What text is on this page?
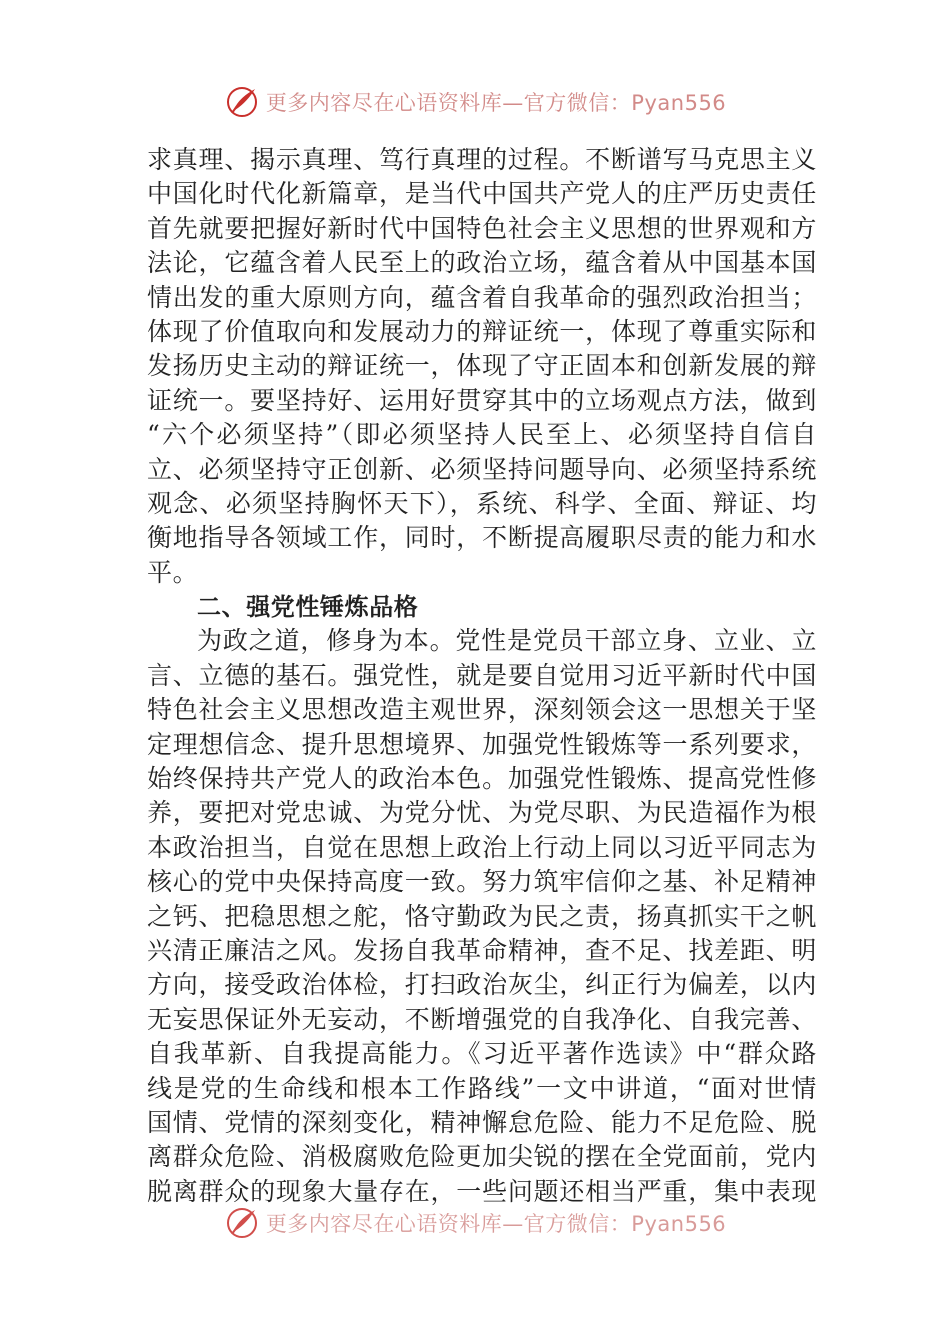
更多内容尽在心语资料库—官方微信：Pyan556
求真理、揭示真理、笃行真理的过程。不断谱写马克思主义
中国化时代化新篇章，是当代中国共产党人的庄严历史责任
首先就要把握好新时代中国特色社会主义思想的世界观和方
法论，它蕴含着人民至上的政治立场，蕴含着从中国基本国
情出发的重大原则方向，蕴含着自我革命的强烈政治担当；
体现了价值取向和发展动力的辩证统一，体现了尊重实际和
发扬历史主动的辩证统一，体现了守正固本和创新发展的辩
证统一。要坚持好、运用好贯穿其中的立场观点方法，做到
“六个必须坚持”（即必须坚持人民至上、必须坚持自信自
立、必须坚持守正创新、必须坚持问题导向、必须坚持系统
观念、必须坚持胸怀天下），系统、科学、全面、辩证、均
衡地指导各领域工作，同时，不断提高履职尽责的能力和水
平。
二、强党性锤炼品格
为政之道，修身为本。党性是党员干部立身、立业、立
言、立德的基石。强党性，就是要自觉用习近平新时代中国
特色社会主义思想改造主观世界，深刻领会这一思想关于坚
定理想信念、提升思想境界、加强党性锻炼等一系列要求，
始终保持共产党人的政治本色。加强党性锻炼、提高党性修
养，要把对党忠诚、为党分忧、为党尽职、为民造福作为根
本政治担当，自觉在思想上政治上行动上同以习近平同志为
核心的党中央保持高度一致。努力筑牢信仰之基、补足精神
之钙、把稳思想之舵，恪守勤政为民之责，扬真抓实干之帆
兴清正廉洁之风。发扬自我革命精神，查不足、找差距、明
方向，接受政治体检，打扫政治灰尘，纠正行为偏差，以内
无妄思保证外无妄动，不断增强党的自我净化、自我完善、
自我革新、自我提高能力。《习近平著作选读》中“群众路
线是党的生命线和根本工作路线”一文中讲道，“面对世情
国情、党情的深刻变化，精神懈怠危险、能力不足危险、脱
离群众危险、消极腐败危险更加尖锐的摆在全党面前，党内
脱离群众的现象大量存在，一些问题还相当严重，集中表现
更多内容尽在心语资料库—官方微信：Pyan556
